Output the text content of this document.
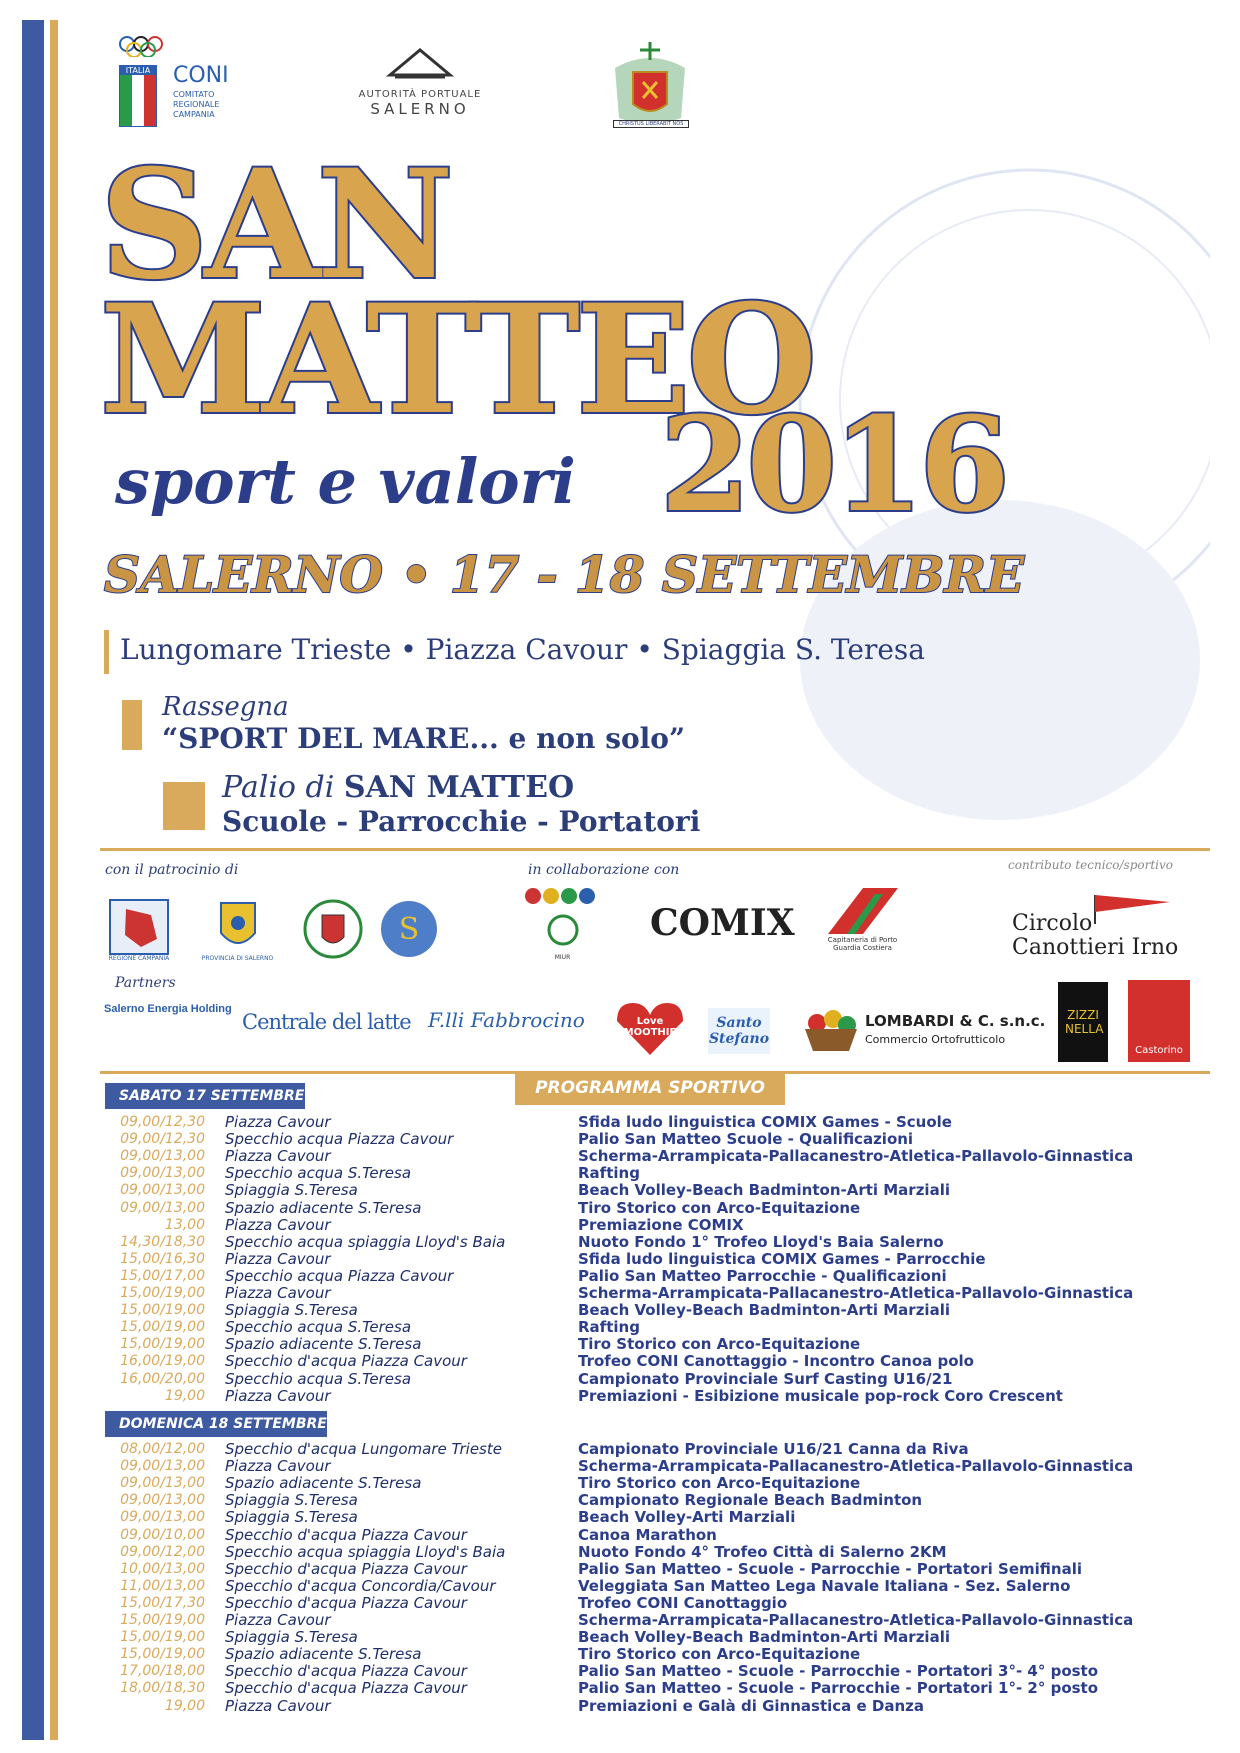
ITALIA CONI
COMITATO
REGIONALE
CAMPANIA
AUTORITÀ PORTUALE
SALERNO
CHRISTUS LIBERABIT NOS
SAN
MATTEO
2016
sport e valori
SALERNO • 17 - 18 SETTEMBRE
Lungomare Trieste • Piazza Cavour • Spiaggia S. Teresa
Rassegna
“SPORT DEL MARE... e non solo”
Palio di SAN MATTEO
Scuole - Parrocchie - Portatori
con il patrocinio di	in collaborazione con	contributo tecnico/sportivo
REGIONE CAMPANIA	PROVINCIA DI SALERNO
S
MIUR
COMIX	Capitaneria di Porto Guardia Costiera
Circolo
Canottieri Irno
Partners
Salerno Energia Holding
Centrale del latte F.lli Fabbrocino	Love SMOOTHIES
Santo Stefano
LOMBARDI & C. s.n.c.
Commercio Ortofrutticolo
ZIZZI NELLA
Castorino
PROGRAMMA SPORTIVO
SABATO 17 SETTEMBRE
09,00/12,30 Piazza Cavour	Sfida ludo linguistica COMIX Games - Scuole
09,00/12,30 Specchio acqua Piazza Cavour	Palio San Matteo Scuole - Qualificazioni
09,00/13,00 Piazza Cavour	Scherma-Arrampicata-Pallacanestro-Atletica-Pallavolo-Ginnastica
09,00/13,00 Specchio acqua S.Teresa	Rafting
09,00/13,00 Spiaggia S.Teresa	Beach Volley-Beach Badminton-Arti Marziali
09,00/13,00 Spazio adiacente S.Teresa	Tiro Storico con Arco-Equitazione
13,00 Piazza Cavour	Premiazione COMIX
14,30/18,30 Specchio acqua spiaggia Lloyd's Baia	Nuoto Fondo 1° Trofeo Lloyd's Baia Salerno
15,00/16,30 Piazza Cavour	Sfida ludo linguistica COMIX Games - Parrocchie
15,00/17,00 Specchio acqua Piazza Cavour	Palio San Matteo Parrocchie - Qualificazioni
15,00/19,00 Piazza Cavour	Scherma-Arrampicata-Pallacanestro-Atletica-Pallavolo-Ginnastica
15,00/19,00 Spiaggia S.Teresa	Beach Volley-Beach Badminton-Arti Marziali
15,00/19,00 Specchio acqua S.Teresa	Rafting
15,00/19,00 Spazio adiacente S.Teresa	Tiro Storico con Arco-Equitazione
16,00/19,00 Specchio d'acqua Piazza Cavour	Trofeo CONI Canottaggio - Incontro Canoa polo
16,00/20,00 Specchio acqua S.Teresa	Campionato Provinciale Surf Casting U16/21
19,00 Piazza Cavour	Premiazioni - Esibizione musicale pop-rock Coro Crescent
DOMENICA 18 SETTEMBRE
08,00/12,00 Specchio d'acqua Lungomare Trieste	Campionato Provinciale U16/21 Canna da Riva
09,00/13,00 Piazza Cavour	Scherma-Arrampicata-Pallacanestro-Atletica-Pallavolo-Ginnastica
09,00/13,00 Spazio adiacente S.Teresa	Tiro Storico con Arco-Equitazione
09,00/13,00 Spiaggia S.Teresa	Campionato Regionale Beach Badminton
09,00/13,00 Spiaggia S.Teresa	Beach Volley-Arti Marziali
09,00/10,00 Specchio d'acqua Piazza Cavour	Canoa Marathon
09,00/12,00 Specchio acqua spiaggia Lloyd's Baia	Nuoto Fondo 4° Trofeo Città di Salerno 2KM
10,00/13,00 Specchio d'acqua Piazza Cavour	Palio San Matteo - Scuole - Parrocchie - Portatori Semifinali
11,00/13,00 Specchio d'acqua Concordia/Cavour	Veleggiata San Matteo Lega Navale Italiana - Sez. Salerno
15,00/17,30 Specchio d'acqua Piazza Cavour	Trofeo CONI Canottaggio
15,00/19,00 Piazza Cavour	Scherma-Arrampicata-Pallacanestro-Atletica-Pallavolo-Ginnastica
15,00/19,00 Spiaggia S.Teresa	Beach Volley-Beach Badminton-Arti Marziali
15,00/19,00 Spazio adiacente S.Teresa	Tiro Storico con Arco-Equitazione
17,00/18,00 Specchio d'acqua Piazza Cavour	Palio San Matteo - Scuole - Parrocchie - Portatori 3°- 4° posto
18,00/18,30 Specchio d'acqua Piazza Cavour	Palio San Matteo - Scuole - Parrocchie - Portatori 1°- 2° posto
19,00 Piazza Cavour	Premiazioni e Galà di Ginnastica e Danza
